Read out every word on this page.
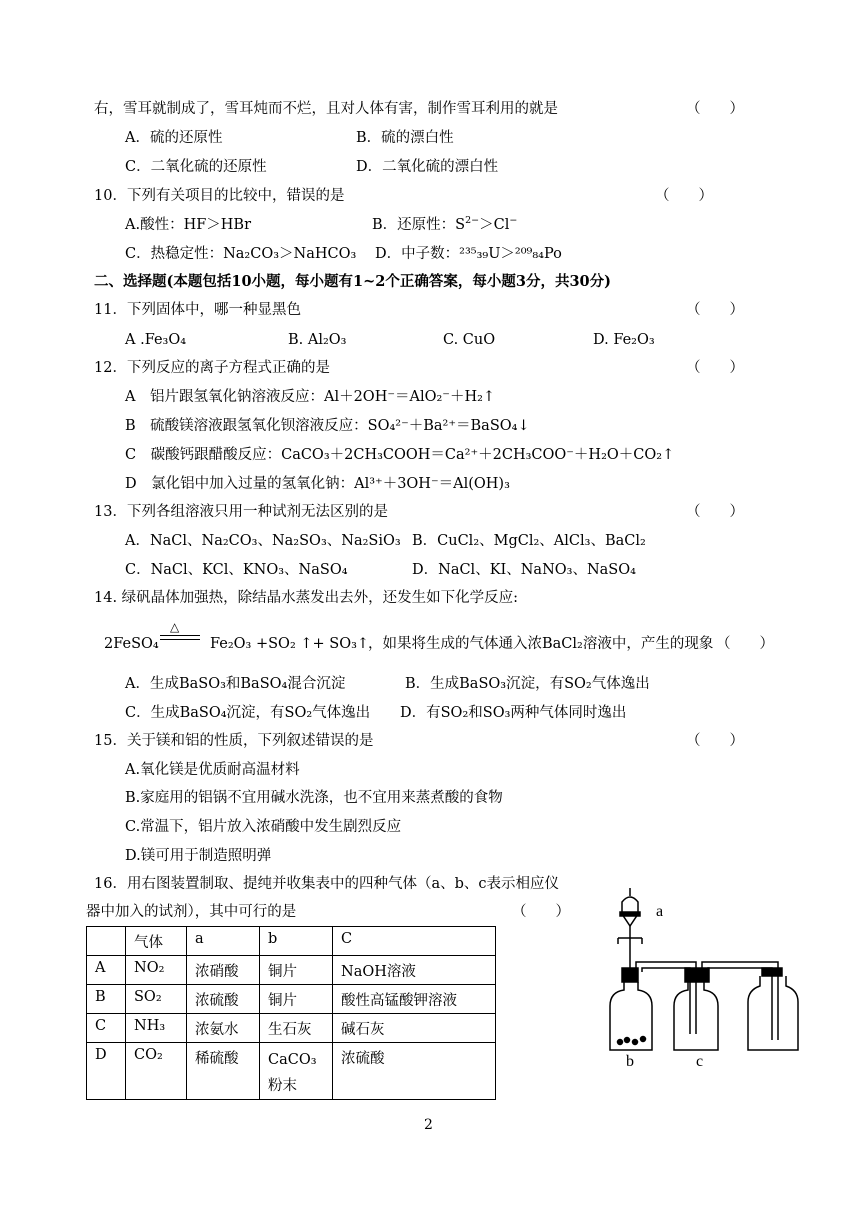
右，雪耳就制成了，雪耳炖而不烂，且对人体有害，制作雪耳利用的就是	（　　）
A．硫的还原性	B．硫的漂白性
C．二氧化硫的还原性	D．二氧化硫的漂白性
10．下列有关项目的比较中，错误的是	（　　）
A.酸性：HF＞HBr	B．还原性：$S^{2-}>Cl^-$
C．热稳定性：Na₂CO₃＞NaHCO₃ D．中子数：²³⁵₃₉U＞²⁰⁹₈₄Po
二、选择题(本题包括10小题，每小题有1~2个正确答案，每小题3分，共30分)
11．下列固体中，哪一种显黑色	（　　）
A .Fe₃O₄	B. Al₂O₃	C. CuO	D. Fe₂O₃
12．下列反应的离子方程式正确的是	（　　）
A　铝片跟氢氧化钠溶液反应：Al＋2OH⁻＝AlO₂⁻＋H₂↑
B　硫酸镁溶液跟氢氧化钡溶液反应：SO₄²⁻＋Ba²⁺＝BaSO₄↓
C　碳酸钙跟醋酸反应：CaCO₃＋2CH₃COOH＝Ca²⁺＋2CH₃COO⁻＋H₂O＋CO₂↑
D　氯化铝中加入过量的氢氧化钠：Al³⁺＋3OH⁻＝Al(OH)₃
13．下列各组溶液只用一种试剂无法区别的是	（　　）
A．NaCl、Na₂CO₃、Na₂SO₃、Na₂SiO₃ B．CuCl₂、MgCl₂、AlCl₃、BaCl₂
C．NaCl、KCl、KNO₃、NaSO₄	D．NaCl、KI、NaNO₃、NaSO₄
14. 绿矾晶体加强热，除结晶水蒸发出去外，还发生如下化学反应:
2FeSO₄
△
Fe₂O₃ +SO₂ ↑+ SO₃↑
，如果将生成的气体通入浓BaCl₂溶液中，产生的现象 （　　）
A．生成BaSO₃和BaSO₄混合沉淀	B．生成BaSO₃沉淀，有SO₂气体逸出
C．生成BaSO₄沉淀，有SO₂气体逸出 D．有SO₂和SO₃两种气体同时逸出
15．关于镁和铝的性质，下列叙述错误的是	（　　）
A.氧化镁是优质耐高温材料
B.家庭用的铝锅不宜用碱水洗涤，也不宜用来蒸煮酸的食物
C.常温下，铝片放入浓硝酸中发生剧烈反应
D.镁可用于制造照明弹
16．用右图装置制取、提纯并收集表中的四种气体（a、b、c表示相应仪
器中加入的试剂），其中可行的是	（　　）
	气体	a	b	C
A	NO₂	浓硝酸	铜片	NaOH溶液
B	SO₂	浓硫酸	铜片	酸性高锰酸钾溶液
C	NH₃	浓氨水	生石灰	碱石灰
D	CO₂	稀硫酸	CaCO₃
粉末	浓硫酸
a
b	c
2
